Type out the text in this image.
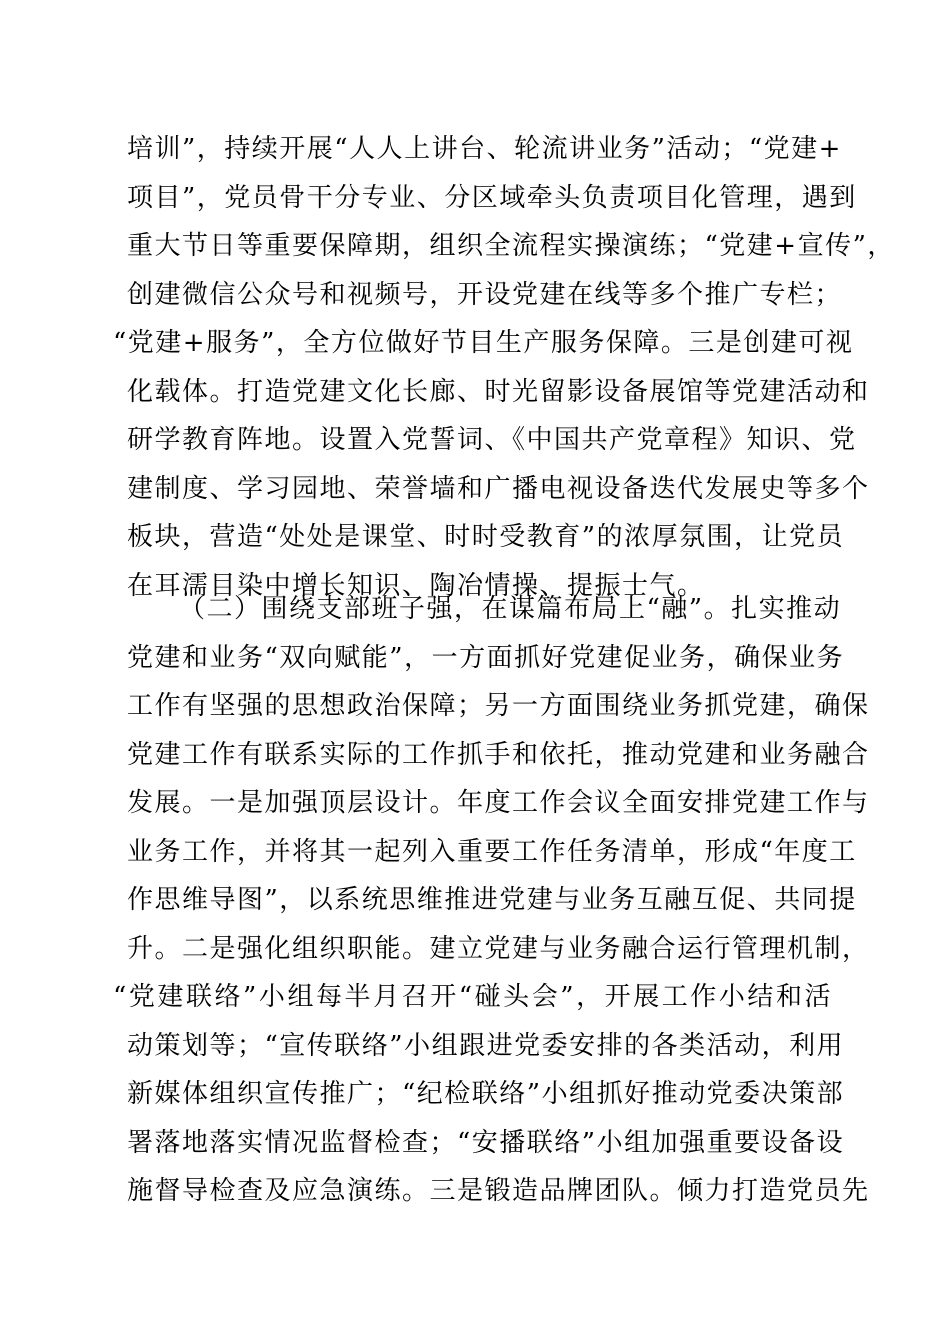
培训”，持续开展“人人上讲台、轮流讲业务”活动；“党建+
项目”，党员骨干分专业、分区域牵头负责项目化管理，遇到
重大节日等重要保障期，组织全流程实操演练；“党建+宣传”，
创建微信公众号和视频号，开设党建在线等多个推广专栏；
“党建+服务”，全方位做好节目生产服务保障。三是创建可视
化载体。打造党建文化长廊、时光留影设备展馆等党建活动和
研学教育阵地。设置入党誓词、《中国共产党章程》知识、党
建制度、学习园地、荣誉墙和广播电视设备迭代发展史等多个
板块，营造“处处是课堂、时时受教育”的浓厚氛围，让党员
在耳濡目染中增长知识、陶冶情操、提振士气。
（二）围绕支部班子强，在谋篇布局上“融”。扎实推动
党建和业务“双向赋能”，一方面抓好党建促业务，确保业务
工作有坚强的思想政治保障；另一方面围绕业务抓党建，确保
党建工作有联系实际的工作抓手和依托，推动党建和业务融合
发展。一是加强顶层设计。年度工作会议全面安排党建工作与
业务工作，并将其一起列入重要工作任务清单，形成“年度工
作思维导图”，以系统思维推进党建与业务互融互促、共同提
升。二是强化组织职能。建立党建与业务融合运行管理机制，
“党建联络”小组每半月召开“碰头会”，开展工作小结和活
动策划等；“宣传联络”小组跟进党委安排的各类活动，利用
新媒体组织宣传推广；“纪检联络”小组抓好推动党委决策部
署落地落实情况监督检查；“安播联络”小组加强重要设备设
施督导检查及应急演练。三是锻造品牌团队。倾力打造党员先
